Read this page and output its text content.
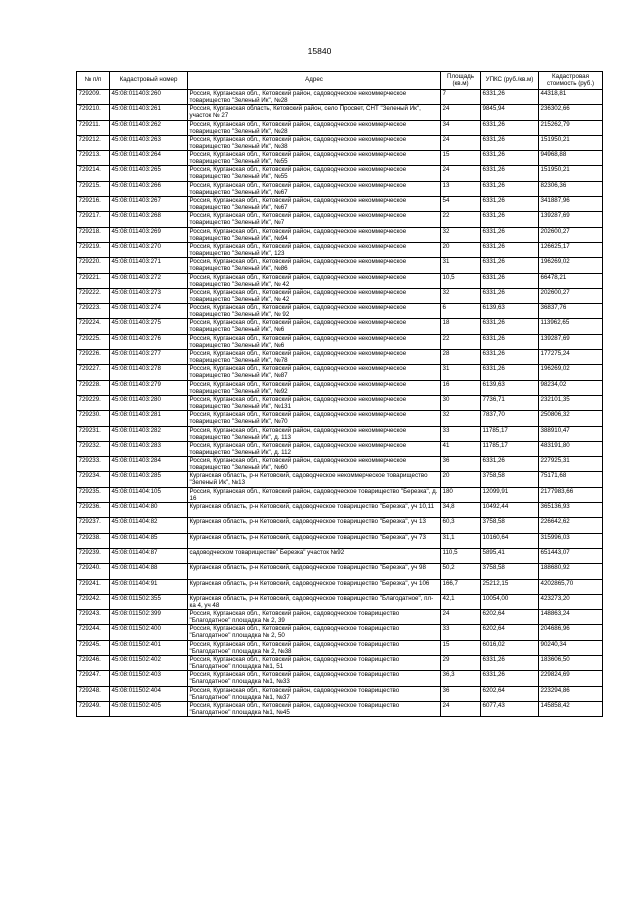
15840
№ п/п	Кадастровый номер	Адрес	Площадь (кв.м)	УПКС (руб./кв.м)	Кадастровая стоимость (руб.)
729209.	45:08:011403:260	Россия, Курганская обл., Кетовский район, садоводческое некоммерческое товарищество "Зеленый Ик", №28	7	6331,26	44318,81
729210.	45:08:011403:261	Россия, Курганская область, Кетовский район, село Просвет, СНТ "Зеленый Ик", участок № 27	24	9845,94	236302,66
729211.	45:08:011403:262	Россия, Курганская обл., Кетовский район, садоводческое некоммерческое товарищество "Зеленый Ик", №28	34	6331,26	215262,79
729212.	45:08:011403:263	Россия, Курганская обл., Кетовский район, садоводческое некоммерческое товарищество "Зеленый Ик", №38	24	6331,26	151950,21
729213.	45:08:011403:264	Россия, Курганская обл., Кетовский район, садоводческое некоммерческое товарищество "Зеленый Ик", №55	15	6331,26	94968,88
729214.	45:08:011403:265	Россия, Курганская обл., Кетовский район, садоводческое некоммерческое товарищество "Зеленый Ик", №55	24	6331,26	151950,21
729215.	45:08:011403:266	Россия, Курганская обл., Кетовский район, садоводческое некоммерческое товарищество "Зеленый Ик", №67	13	6331,26	82306,36
729216.	45:08:011403:267	Россия, Курганская обл., Кетовский район, садоводческое некоммерческое товарищество "Зеленый Ик", №67	54	6331,26	341887,96
729217.	45:08:011403:268	Россия, Курганская обл., Кетовский район, садоводческое некоммерческое товарищество "Зеленый Ик", №7	22	6331,26	139287,69
729218.	45:08:011403:269	Россия, Курганская обл., Кетовский район, садоводческое некоммерческое товарищество "Зеленый Ик", №94	32	6331,26	202600,27
729219.	45:08:011403:270	Россия, Курганская обл., Кетовский район, садоводческое некоммерческое товарищество "Зеленый Ик", 123	20	6331,26	126625,17
729220.	45:08:011403:271	Россия, Курганская обл., Кетовский район, садоводческое некоммерческое товарищество "Зеленый Ик", №86	31	6331,26	196269,02
729221.	45:08:011403:272	Россия, Курганская обл., Кетовский район, садоводческое некоммерческое товарищество "Зеленый Ик", № 42	10,5	6331,26	66478,21
729222.	45:08:011403:273	Россия, Курганская обл., Кетовский район, садоводческое некоммерческое товарищество "Зеленый Ик", № 42	32	6331,26	202600,27
729223.	45:08:011403:274	Россия, Курганская обл., Кетовский район, садоводческое некоммерческое товарищество "Зеленый Ик", № 92	6	6139,63	36837,76
729224.	45:08:011403:275	Россия, Курганская обл., Кетовский район, садоводческое некоммерческое товарищество "Зеленый Ик", №6	18	6331,26	113962,65
729225.	45:08:011403:276	Россия, Курганская обл., Кетовский район, садоводческое некоммерческое товарищество "Зеленый Ик", №6	22	6331,26	139287,69
729226.	45:08:011403:277	Россия, Курганская обл., Кетовский район, садоводческое некоммерческое товарищество "Зеленый Ик", №78	28	6331,26	177275,24
729227.	45:08:011403:278	Россия, Курганская обл., Кетовский район, садоводческое некоммерческое товарищество "Зеленый Ик", №87	31	6331,26	196269,02
729228.	45:08:011403:279	Россия, Курганская обл., Кетовский район, садоводческое некоммерческое товарищество "Зеленый Ик", №92	16	6139,63	98234,02
729229.	45:08:011403:280	Россия, Курганская обл., Кетовский район, садоводческое некоммерческое товарищество "Зеленый Ик", №131	30	7736,71	232101,35
729230.	45:08:011403:281	Россия, Курганская обл., Кетовский район, садоводческое некоммерческое товарищество "Зеленый Ик", №70	32	7837,70	250806,32
729231.	45:08:011403:282	Россия, Курганская обл., Кетовский район, садоводческое некоммерческое товарищество "Зеленый Ик", д. 113	33	11785,17	388910,47
729232.	45:08:011403:283	Россия, Курганская обл., Кетовский район, садоводческое некоммерческое товарищество "Зеленый Ик", д. 112	41	11785,17	483191,80
729233.	45:08:011403:284	Россия, Курганская обл., Кетовский район, садоводческое некоммерческое товарищество "Зеленый Ик", №60	36	6331,26	227925,31
729234.	45:08:011403:285	Курганская область, р-н Кетовский, садоводческое некоммерческое товарищество "Зеленый Ик", №13	20	3758,58	75171,68
729235.	45:08:011404:105	Россия, Курганская обл., Кетовский район, садоводческое товарищество "Березка", д. 16	180	12099,91	2177983,66
729236.	45:08:011404:80	Курганская область, р-н Кетовский, садоводческое товарищество "Березка", уч 10,11	34,8	10492,44	365136,93
729237.	45:08:011404:82	Курганская область, р-н Кетовский, садоводческое товарищество "Березка", уч 13	60,3	3758,58	226642,62
729238.	45:08:011404:85	Курганская область, р-н Кетовский, садоводческое товарищество "Березка", уч 73	31,1	10160,64	315996,03
729239.	45:08:011404:87	садоводческом товариществе" Березка" участок №92	110,5	5895,41	651443,07
729240.	45:08:011404:88	Курганская область, р-н Кетовский, садоводческое товарищество "Березка", уч 98	50,2	3758,58	188680,92
729241.	45:08:011404:91	Курганская область, р-н Кетовский, садоводческое товарищество "Березка", уч 106	166,7	25212,15	4202865,70
729242.	45:08:011502:355	Курганская область, р-н Кетовский, садоводческое товарищество "Благодатное", пл-ка 4, уч 48	42,1	10054,00	423273,20
729243.	45:08:011502:399	Россия, Курганская обл., Кетовский район, садоводческое товарищество "Благодатное" площадка № 2, 39	24	6202,64	148863,24
729244.	45:08:011502:400	Россия, Курганская обл., Кетовский район, садоводческое товарищество "Благодатное" площадка № 2, 50	33	6202,64	204686,96
729245.	45:08:011502:401	Россия, Курганская обл., Кетовский район, садоводческое товарищество "Благодатное" площадка № 2, №38	15	6016,02	90240,34
729246.	45:08:011502:402	Россия, Курганская обл., Кетовский район, садоводческое товарищество "Благодатное" площадка №1, 51	29	6331,26	183606,50
729247.	45:08:011502:403	Россия, Курганская обл., Кетовский район, садоводческое товарищество "Благодатное" площадка №1, №33	36,3	6331,26	229824,69
729248.	45:08:011502:404	Россия, Курганская обл., Кетовский район, садоводческое товарищество "Благодатное" площадка №1, №37	36	6202,64	223294,86
729249.	45:08:011502:405	Россия, Курганская обл., Кетовский район, садоводческое товарищество "Благодатное" площадка №1, №45	24	6077,43	145858,42
